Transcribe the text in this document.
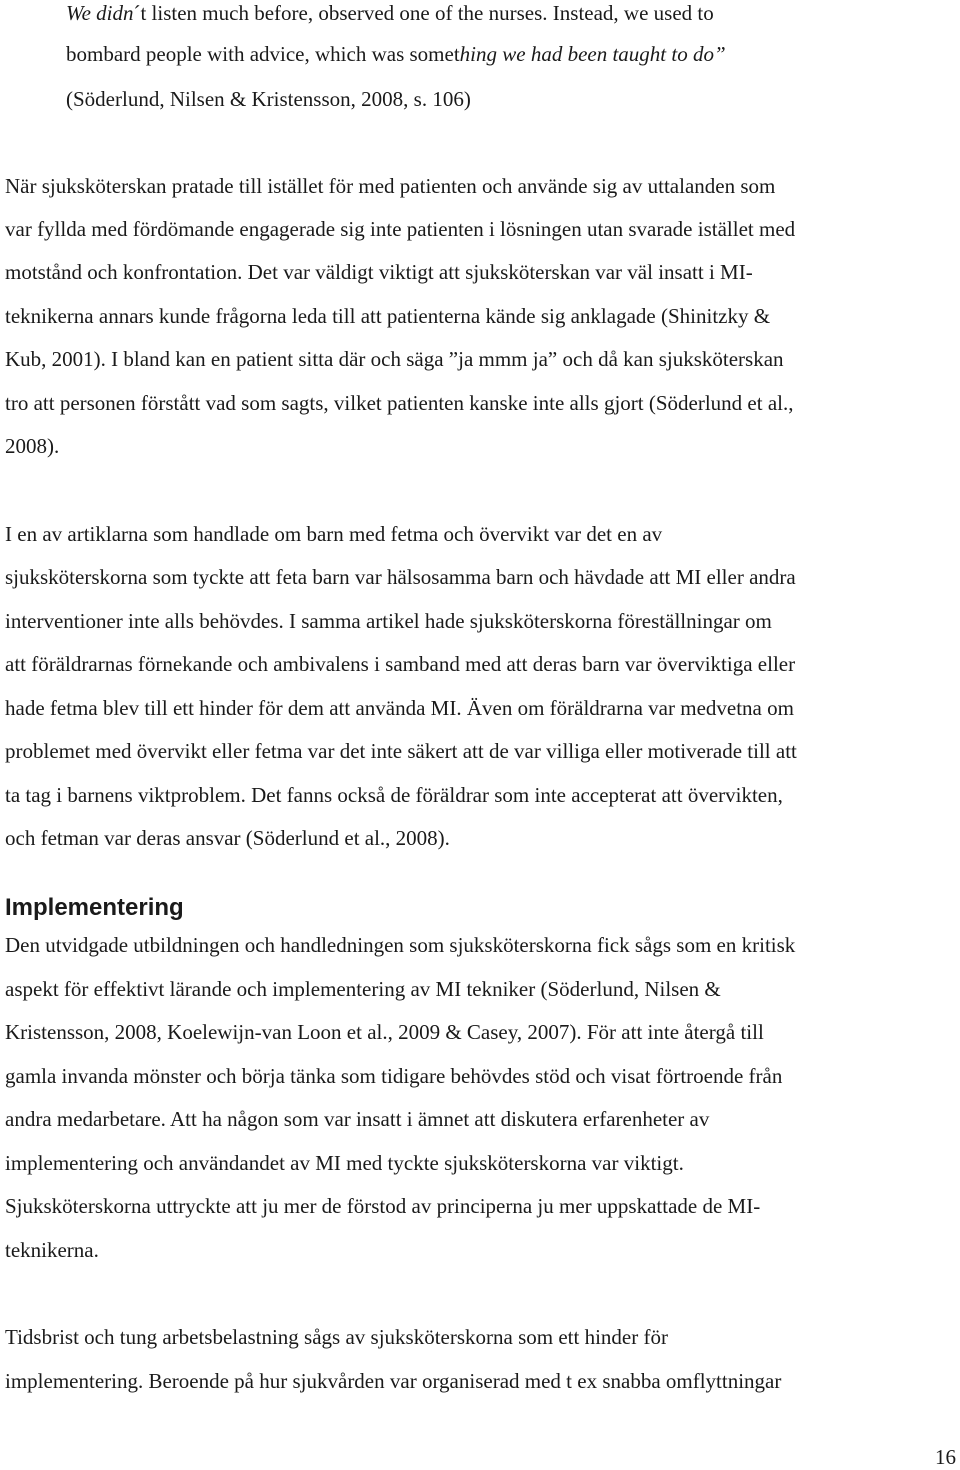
We didn´t listen much before, observed one of the nurses. Instead, we used to
bombard people with advice, which was something we had been taught to do”
(Söderlund, Nilsen & Kristensson, 2008, s. 106)
När sjuksköterskan pratade till istället för med patienten och använde sig av uttalanden som
var fyllda med fördömande engagerade sig inte patienten i lösningen utan svarade istället med
motstånd och konfrontation. Det var väldigt viktigt att sjuksköterskan var väl insatt i MI-
teknikerna annars kunde frågorna leda till att patienterna kände sig anklagade (Shinitzky &
Kub, 2001). I bland kan en patient sitta där och säga ”ja mmm ja” och då kan sjuksköterskan
tro att personen förstått vad som sagts, vilket patienten kanske inte alls gjort (Söderlund et al.,
2008).
I en av artiklarna som handlade om barn med fetma och övervikt var det en av
sjuksköterskorna som tyckte att feta barn var hälsosamma barn och hävdade att MI eller andra
interventioner inte alls behövdes. I samma artikel hade sjuksköterskorna föreställningar om
att föräldrarnas förnekande och ambivalens i samband med att deras barn var överviktiga eller
hade fetma blev till ett hinder för dem att använda MI. Även om föräldrarna var medvetna om
problemet med övervikt eller fetma var det inte säkert att de var villiga eller motiverade till att
ta tag i barnens viktproblem. Det fanns också de föräldrar som inte accepterat att övervikten,
och fetman var deras ansvar (Söderlund et al., 2008).
Implementering
Den utvidgade utbildningen och handledningen som sjuksköterskorna fick sågs som en kritisk
aspekt för effektivt lärande och implementering av MI tekniker (Söderlund, Nilsen &
Kristensson, 2008, Koelewijn-van Loon et al., 2009 & Casey, 2007). För att inte återgå till
gamla invanda mönster och börja tänka som tidigare behövdes stöd och visat förtroende från
andra medarbetare. Att ha någon som var insatt i ämnet att diskutera erfarenheter av
implementering och användandet av MI med tyckte sjuksköterskorna var viktigt.
Sjuksköterskorna uttryckte att ju mer de förstod av principerna ju mer uppskattade de MI-
teknikerna.
Tidsbrist och tung arbetsbelastning sågs av sjuksköterskorna som ett hinder för
implementering. Beroende på hur sjukvården var organiserad med t ex snabba omflyttningar
16
